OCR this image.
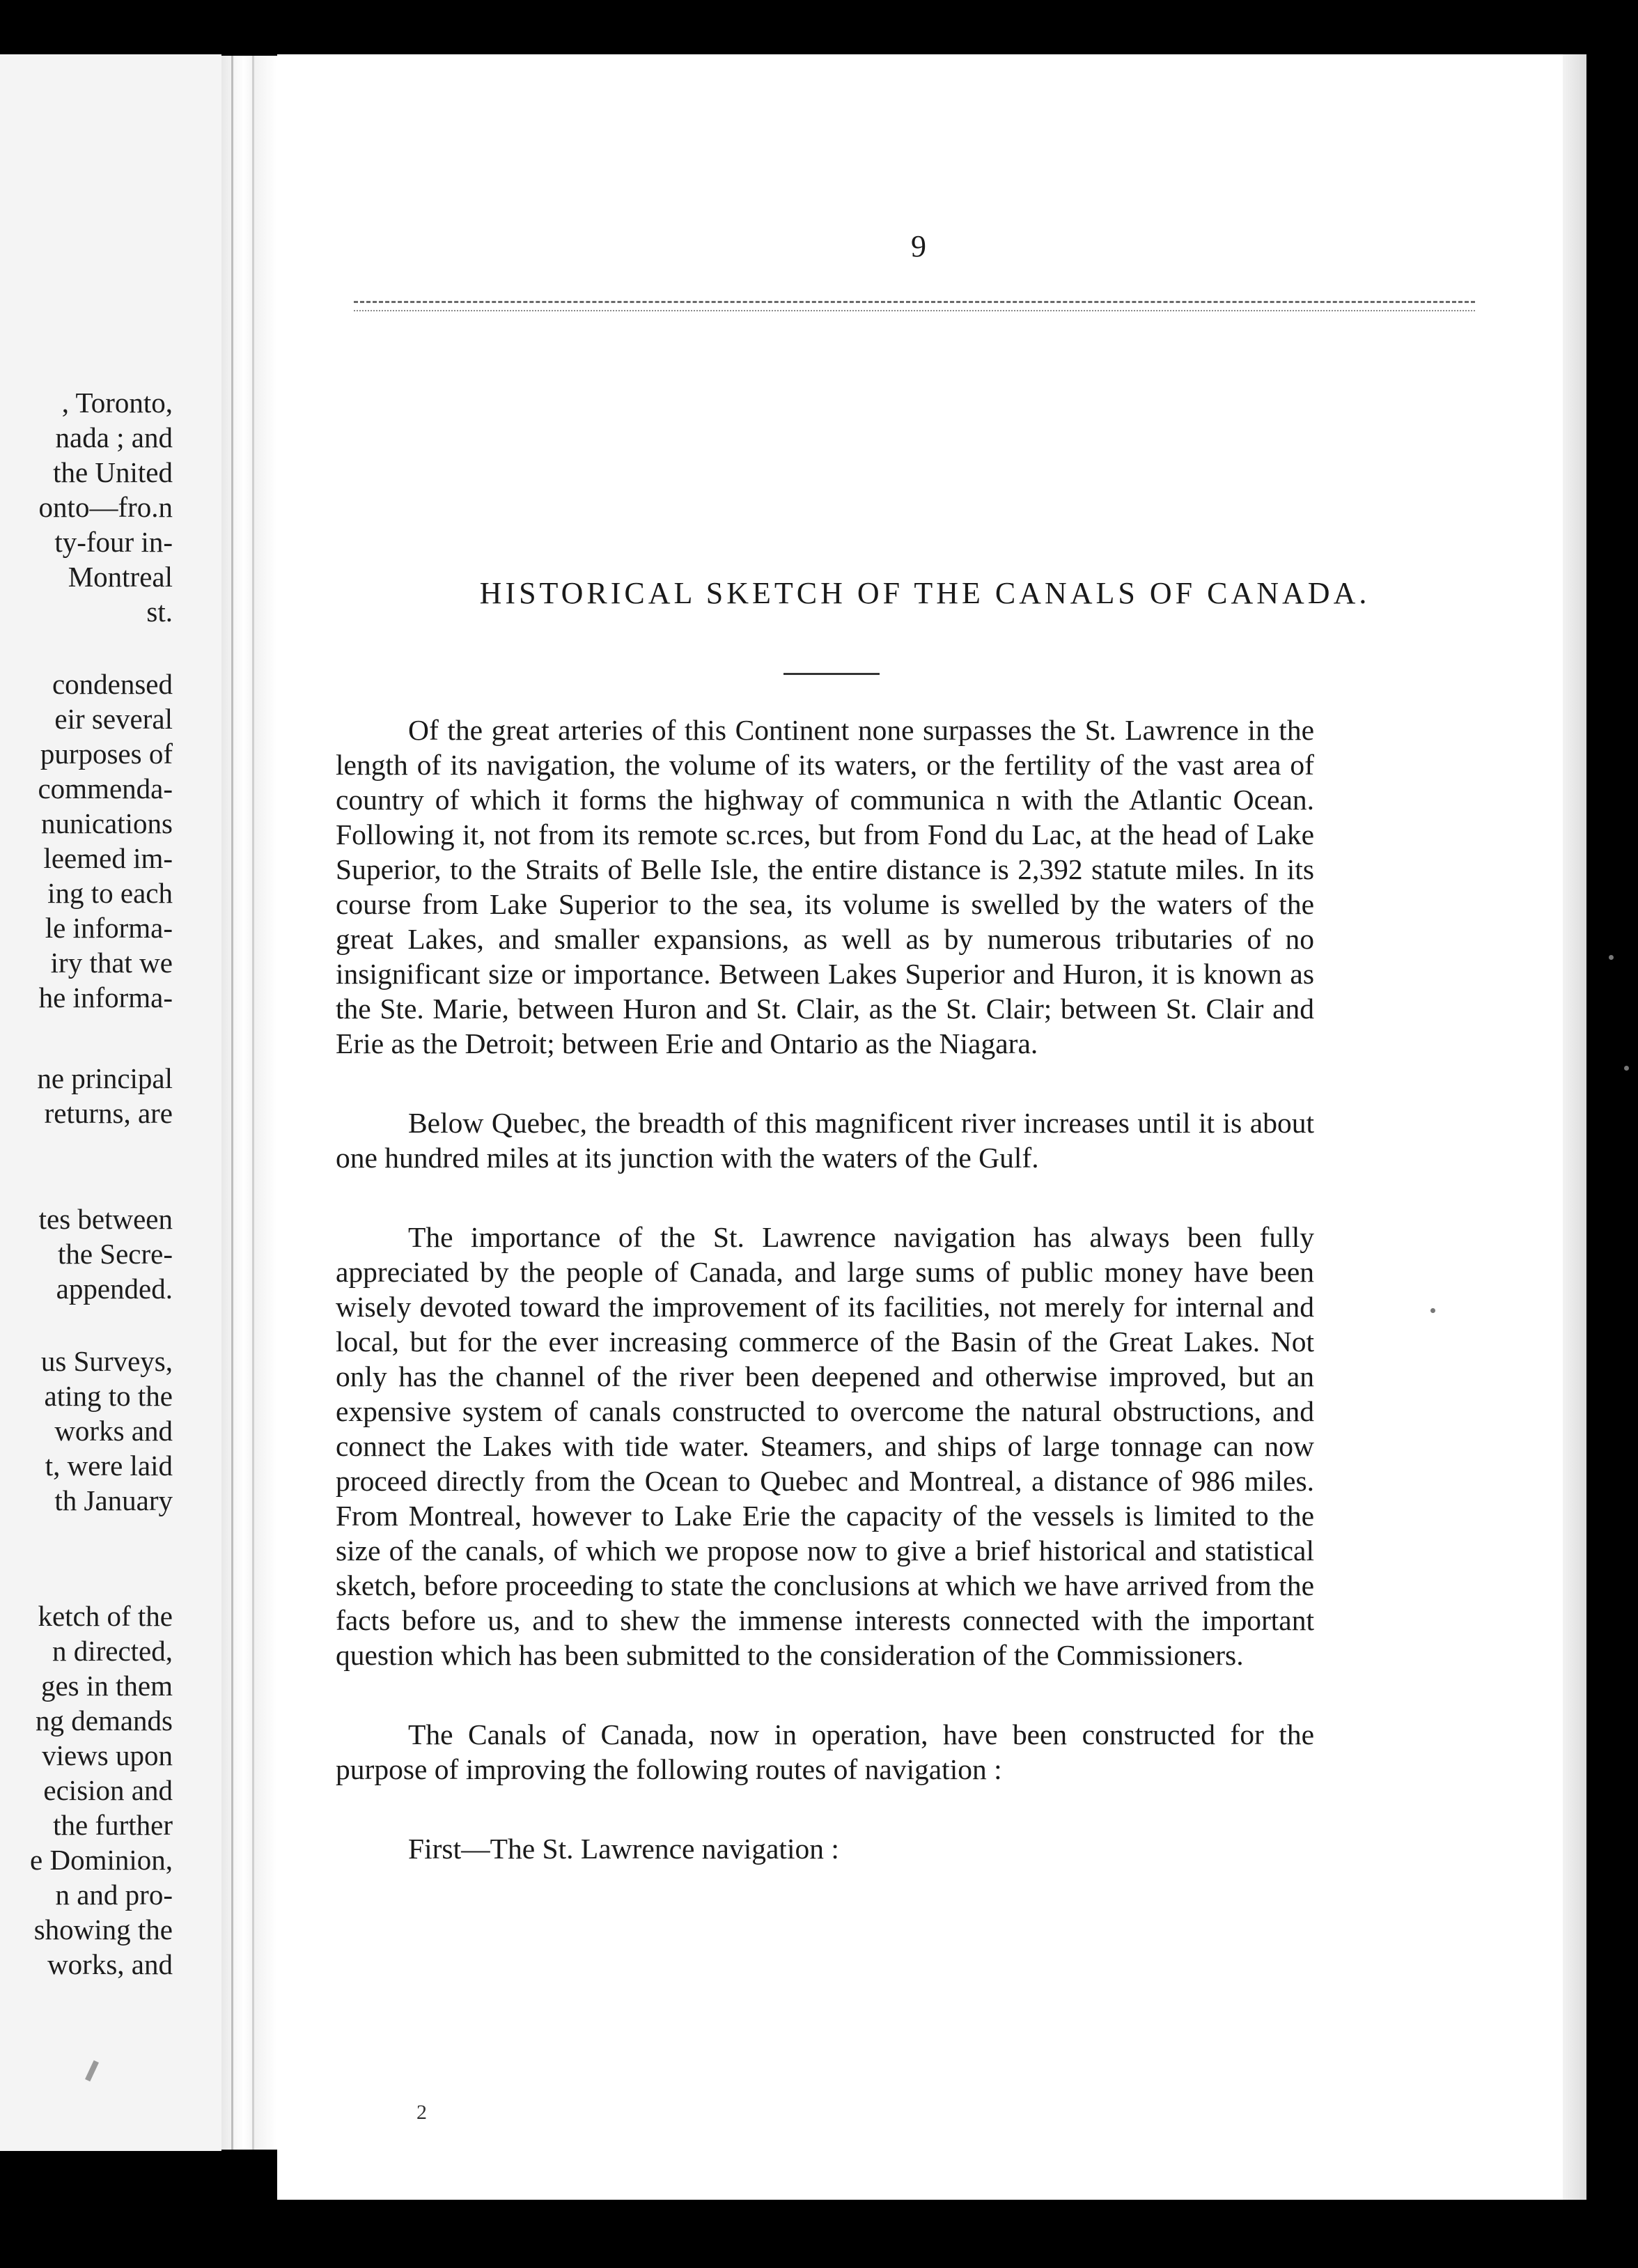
, Toronto,
nada ; and
the United
onto—fro.n
ty-four in-
Montreal
st.
condensed
eir several
purposes of
commenda-
nunications
leemed im-
ing to each
le informa-
iry that we
he informa-
ne principal
returns, are
tes between
the Secre-
appended.
us Surveys,
ating to the
works and
t, were laid
th January
ketch of the
n directed,
ges in them
ng demands
views upon
ecision and
the further
e Dominion,
n and pro-
showing the
works, and
9
HISTORICAL SKETCH OF THE CANALS OF CANADA.

Of the great arteries of this Continent none surpasses the St. Lawrence in the length of its navigation, the volume of its waters, or the fertility of the vast area of country of which it forms the highway of communica n with the Atlantic Ocean. Following it, not from its remote sc.rces, but from Fond du Lac, at the head of Lake Superior, to the Straits of Belle Isle, the entire distance is 2,392 statute miles. In its course from Lake Superior to the sea, its volume is swelled by the waters of the great Lakes, and smaller expansions, as well as by numerous tributaries of no insignificant size or importance. Between Lakes Superior and Huron, it is known as the Ste. Marie, between Huron and St. Clair, as the St. Clair; between St. Clair and Erie as the Detroit; between Erie and Ontario as the Niagara.

Below Quebec, the breadth of this magnificent river increases until it is about one hundred miles at its junction with the waters of the Gulf.

The importance of the St. Lawrence navigation has always been fully appreciated by the people of Canada, and large sums of public money have been wisely devoted toward the improvement of its facilities, not merely for internal and local, but for the ever increasing commerce of the Basin of the Great Lakes. Not only has the channel of the river been deepened and otherwise improved, but an expensive system of canals constructed to overcome the natural obstructions, and connect the Lakes with tide water. Steamers, and ships of large tonnage can now proceed directly from the Ocean to Quebec and Montreal, a distance of 986 miles. From Montreal, however to Lake Erie the capacity of the vessels is limited to the size of the canals, of which we propose now to give a brief historical and statistical sketch, before proceeding to state the conclusions at which we have arrived from the facts before us, and to shew the immense interests connected with the important question which has been submitted to the consideration of the Commissioners.

The Canals of Canada, now in operation, have been constructed for the purpose of improving the following routes of navigation :

First—The St. Lawrence navigation :

2
